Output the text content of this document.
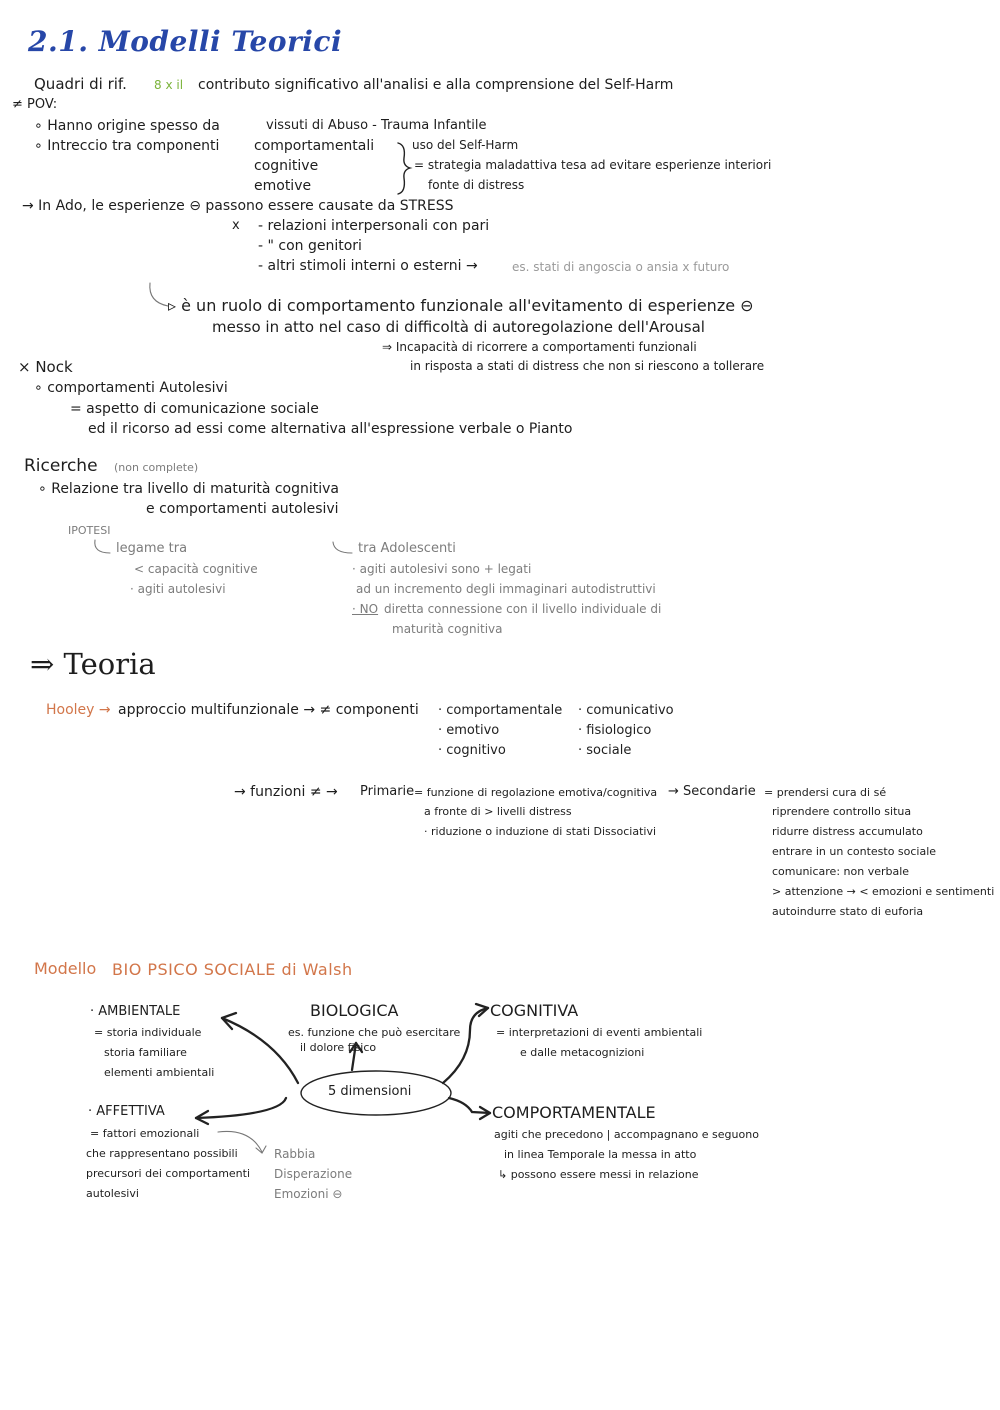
2.1. Modelli Teorici
Quadri di rif. 8 x il contributo significativo all'analisi e alla comprensione del Self-Harm
≠ POV:
∘ Hanno origine spesso da	vissuti di Abuso - Trauma Infantile
∘ Intreccio tra componenti comportamentali
cognitive
emotive
uso del Self-Harm
= strategia maladattiva tesa ad evitare esperienze interiori
fonte di distress
→ In Ado, le esperienze ⊖ passono essere causate da STRESS
x - relazioni interpersonali con pari
- " con genitori
- altri stimoli interni o esterni →	es. stati di angoscia o ansia x futuro
▹ è un ruolo di comportamento funzionale all'evitamento di esperienze ⊖
messo in atto nel caso di difficoltà di autoregolazione dell'Arousal
⇒ Incapacità di ricorrere a comportamenti funzionali
in risposta a stati di distress che non si riescono a tollerare
× Nock
∘ comportamenti Autolesivi
= aspetto di comunicazione sociale
ed il ricorso ad essi come alternativa all'espressione verbale o Pianto
Ricerche (non complete)
∘ Relazione tra livello di maturità cognitiva
e comportamenti autolesivi
IPOTESI
legame tra
< capacità cognitive
· agiti autolesivi
tra Adolescenti
· agiti autolesivi sono + legati
ad un incremento degli immaginari autodistruttivi
· NO diretta connessione con il livello individuale di
maturità cognitiva
⇒ Teoria
Hooley → approccio multifunzionale → ≠ componenti · comportamentale
· emotivo
· cognitivo
· comunicativo
· fisiologico
· sociale
→ funzioni ≠ → Primarie = funzione di regolazione emotiva/cognitiva
a fronte di > livelli distress
· riduzione o induzione di stati Dissociativi
→ Secondarie = prendersi cura di sé
riprendere controllo situa
ridurre distress accumulato
entrare in un contesto sociale
comunicare: non verbale
> attenzione → < emozioni e sentimenti
autoindurre stato di euforia
Modello BIO PSICO SOCIALE di Walsh
5 dimensioni
· AMBIENTALE
= storia individuale
storia familiare
elementi ambientali
BIOLOGICA
es. funzione che può esercitare
il dolore fisico
COGNITIVA
= interpretazioni di eventi ambientali
e dalle metacognizioni
· AFFETTIVA
= fattori emozionali
che rappresentano possibili
precursori dei comportamenti
autolesivi
Rabbia
Disperazione
Emozioni ⊖
COMPORTAMENTALE
agiti che precedono | accompagnano e seguono
in linea Temporale la messa in atto
↳ possono essere messi in relazione
